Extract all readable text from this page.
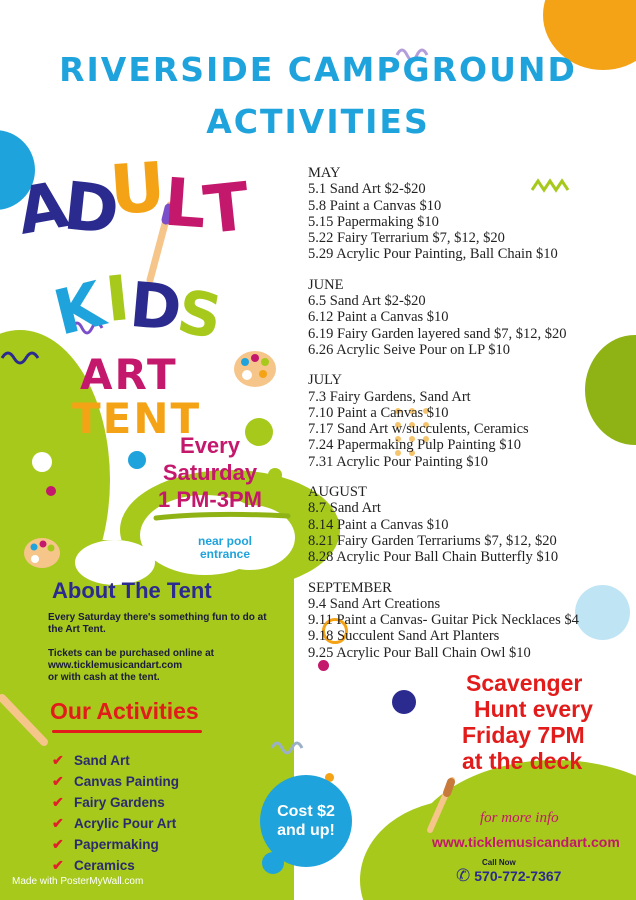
RIVERSIDE CAMPGROUND
ACTIVITIES
A
D
U
L
T
K
I
D
S
ART
TENT
Every
Saturday
1 PM-3PM
near pool
entrance
About The Tent
Every Saturday there's something fun to do at the Art Tent.
Tickets can be purchased online at
www.ticklemusicandart.com
or with cash at the tent.
Our Activities
✔ Sand Art
✔ Canvas Painting
✔ Fairy Gardens
✔ Acrylic Pour Art
✔ Papermaking
✔ Ceramics
Made with PosterMyWall.com
MAY
5.1 Sand Art $2-$20
5.8 Paint a Canvas $10
5.15 Papermaking $10
5.22 Fairy Terrarium $7, $12, $20
5.29 Acrylic Pour Painting, Ball Chain $10
JUNE
6.5 Sand Art $2-$20
6.12 Paint a Canvas $10
6.19 Fairy Garden layered sand $7, $12, $20
6.26 Acrylic Seive Pour on LP $10
JULY
7.3 Fairy Gardens, Sand Art
7.10 Paint a Canvas $10
7.17 Sand Art w/succulents, Ceramics
7.24 Papermaking Pulp Painting $10
7.31 Acrylic Pour Painting $10
AUGUST
8.7 Sand Art
8.14 Paint a Canvas $10
8.21 Fairy Garden Terrariums $7, $12, $20
8.28 Acrylic Pour Ball Chain Butterfly $10
SEPTEMBER
9.4 Sand Art Creations
9.11 Paint a Canvas- Guitar Pick Necklaces $4
9.18 Succulent Sand Art Planters
9.25 Acrylic Pour Ball Chain Owl $10
Scavenger
Hunt every
Friday 7PM
at the deck
Cost $2
and up!
for more info
www.ticklemusicandart.com
Call Now
✆ 570-772-7367
